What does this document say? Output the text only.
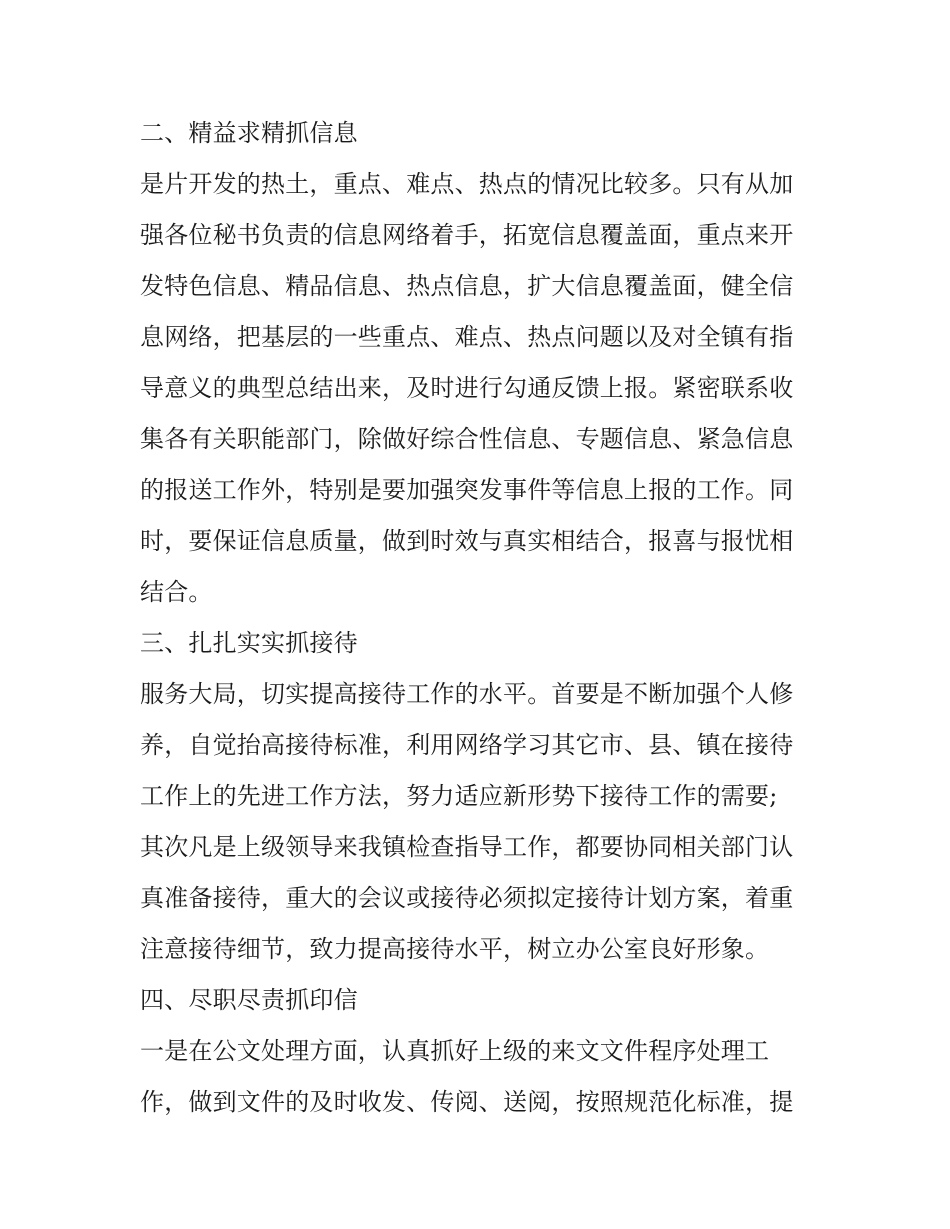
二、精益求精抓信息
是片开发的热土，重点、难点、热点的情况比较多。只有从加
强各位秘书负责的信息网络着手，拓宽信息覆盖面，重点来开
发特色信息、精品信息、热点信息，扩大信息覆盖面，健全信
息网络，把基层的一些重点、难点、热点问题以及对全镇有指
导意义的典型总结出来，及时进行勾通反馈上报。紧密联系收
集各有关职能部门，除做好综合性信息、专题信息、紧急信息
的报送工作外，特别是要加强突发事件等信息上报的工作。同
时，要保证信息质量，做到时效与真实相结合，报喜与报忧相
结合。
三、扎扎实实抓接待
服务大局，切实提高接待工作的水平。首要是不断加强个人修
养，自觉抬高接待标准，利用网络学习其它市、县、镇在接待
工作上的先进工作方法，努力适应新形势下接待工作的需要;
其次凡是上级领导来我镇检查指导工作，都要协同相关部门认
真准备接待，重大的会议或接待必须拟定接待计划方案，着重
注意接待细节，致力提高接待水平，树立办公室良好形象。
四、尽职尽责抓印信
一是在公文处理方面，认真抓好上级的来文文件程序处理工
作，做到文件的及时收发、传阅、送阅，按照规范化标准，提
